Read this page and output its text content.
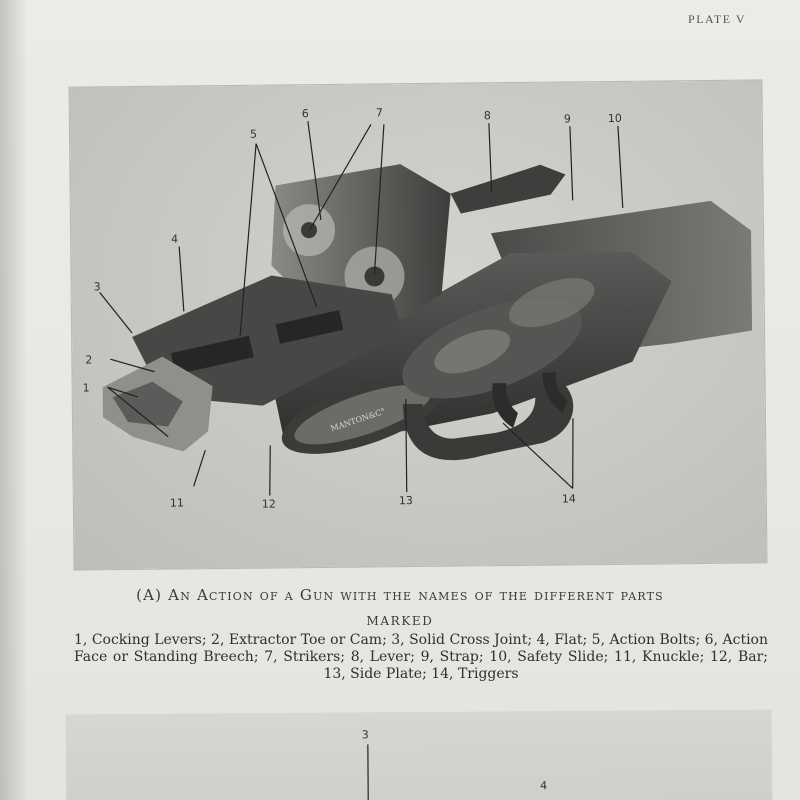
PLATE V
MANTON&C°
1
2
3
4
5
6	7	8	9	10
11	12	13	14
(A) An Action of a Gun with the names of the different parts
MARKED
1, Cocking Levers; 2, Extractor Toe or Cam; 3, Solid Cross Joint; 4, Flat; 5, Action Bolts; 6, Action Face or Standing Breech; 7, Strikers; 8, Lever; 9, Strap; 10, Safety Slide; 11, Knuckle; 12, Bar; 13, Side Plate; 14, Triggers
3
4
